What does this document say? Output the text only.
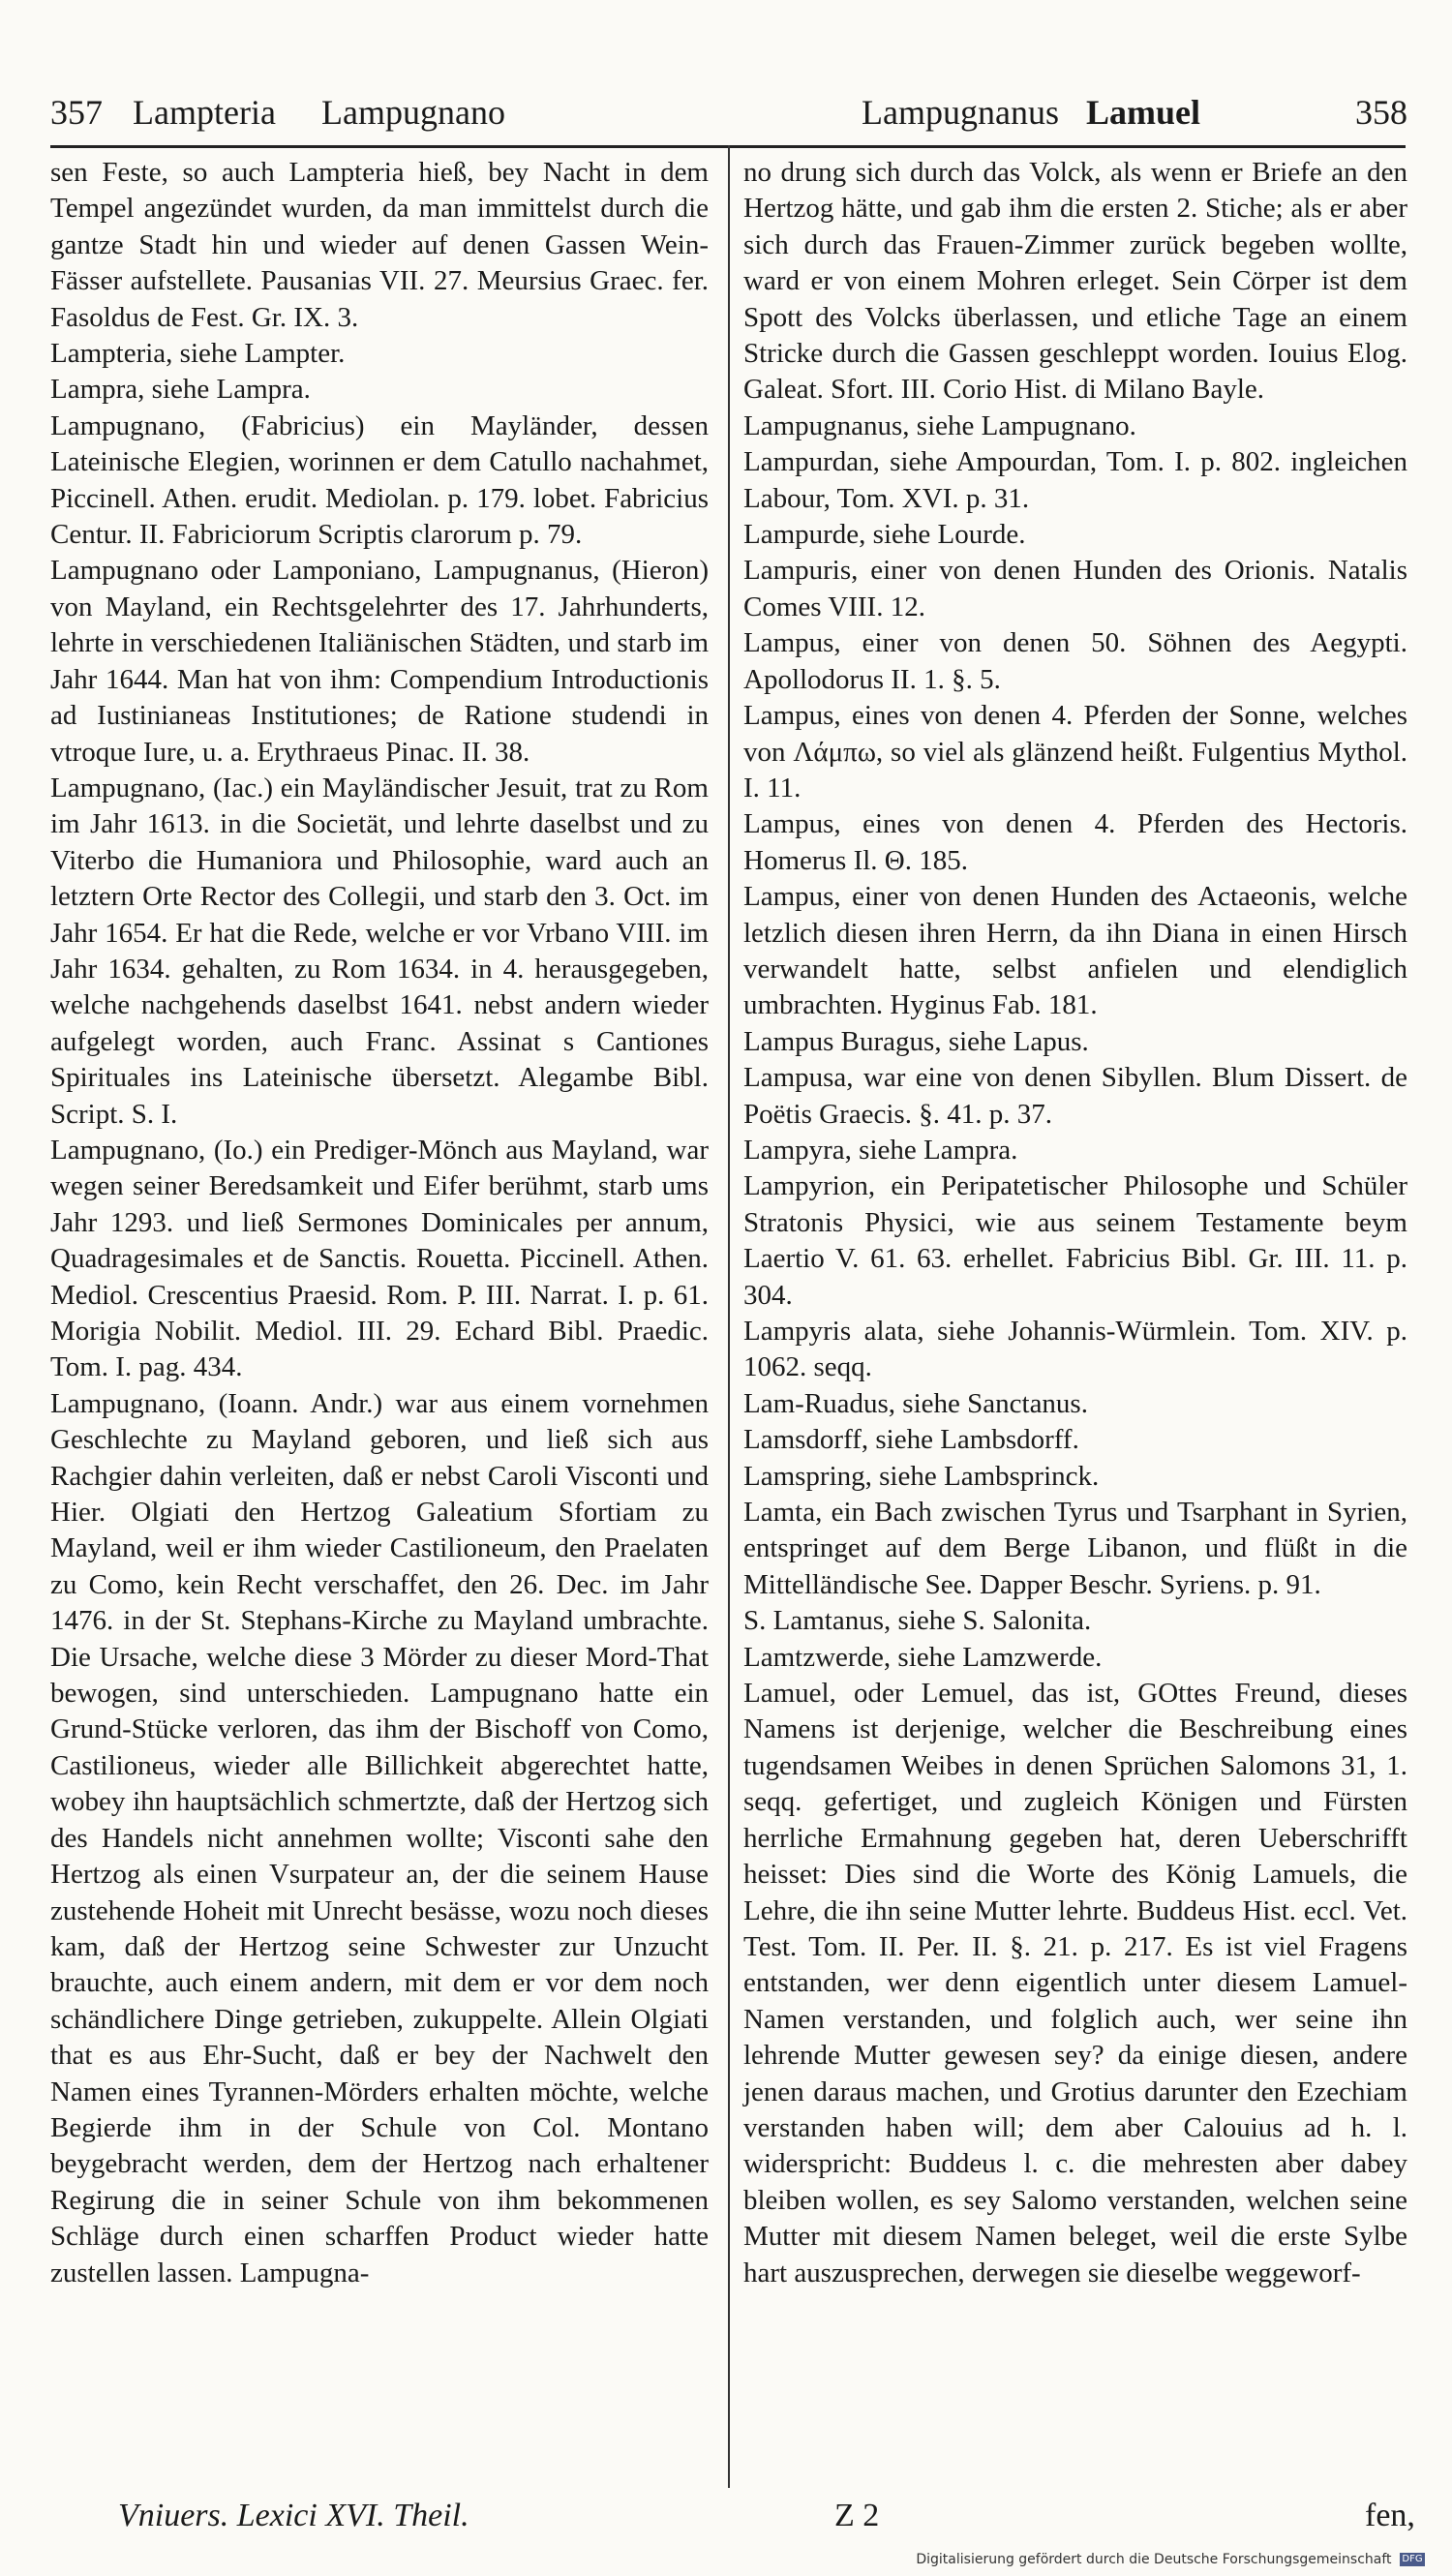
357 Lampteria Lampugnano	Lampugnanus Lamuel	358

sen Feste, so auch Lampteria hieß, bey Nacht in dem Tempel angezündet wurden, da man immittelst durch die gantze Stadt hin und wieder auf denen Gassen Wein-Fässer aufstellete. Pausanias VII. 27. Meursius Graec. fer. Fasoldus de Fest. Gr. IX. 3.

Lampteria, siehe Lampter.

Lampra, siehe Lampra.

Lampugnano, (Fabricius) ein Mayländer, dessen Lateinische Elegien, worinnen er dem Catullo nachahmet, Piccinell. Athen. erudit. Mediolan. p. 179. lobet. Fabricius Centur. II. Fabriciorum Scriptis clarorum p. 79.

Lampugnano oder Lamponiano, Lampugnanus, (Hieron) von Mayland, ein Rechtsgelehrter des 17. Jahrhunderts, lehrte in verschiedenen Italiänischen Städten, und starb im Jahr 1644. Man hat von ihm: Compendium Introductionis ad Iustinianeas Institutiones; de Ratione studendi in vtroque Iure, u. a. Erythraeus Pinac. II. 38.

Lampugnano, (Iac.) ein Mayländischer Jesuit, trat zu Rom im Jahr 1613. in die Societät, und lehrte daselbst und zu Viterbo die Humaniora und Philosophie, ward auch an letztern Orte Rector des Collegii, und starb den 3. Oct. im Jahr 1654. Er hat die Rede, welche er vor Vrbano VIII. im Jahr 1634. gehalten, zu Rom 1634. in 4. herausgegeben, welche nachgehends daselbst 1641. nebst andern wieder aufgelegt worden, auch Franc. Assinat s Cantiones Spirituales ins Lateinische übersetzt. Alegambe Bibl. Script. S. I.

Lampugnano, (Io.) ein Prediger-Mönch aus Mayland, war wegen seiner Beredsamkeit und Eifer berühmt, starb ums Jahr 1293. und ließ Sermones Dominicales per annum, Quadragesimales et de Sanctis. Rouetta. Piccinell. Athen. Mediol. Crescentius Praesid. Rom. P. III. Narrat. I. p. 61. Morigia Nobilit. Mediol. III. 29. Echard Bibl. Praedic. Tom. I. pag. 434.

Lampugnano, (Ioann. Andr.) war aus einem vornehmen Geschlechte zu Mayland geboren, und ließ sich aus Rachgier dahin verleiten, daß er nebst Caroli Visconti und Hier. Olgiati den Hertzog Galeatium Sfortiam zu Mayland, weil er ihm wieder Castilioneum, den Praelaten zu Como, kein Recht verschaffet, den 26. Dec. im Jahr 1476. in der St. Stephans-Kirche zu Mayland umbrachte. Die Ursache, welche diese 3 Mörder zu dieser Mord-That bewogen, sind unterschieden. Lampugnano hatte ein Grund-Stücke verloren, das ihm der Bischoff von Como, Castilioneus, wieder alle Billichkeit abgerechtet hatte, wobey ihn hauptsächlich schmertzte, daß der Hertzog sich des Handels nicht annehmen wollte; Visconti sahe den Hertzog als einen Vsurpateur an, der die seinem Hause zustehende Hoheit mit Unrecht besässe, wozu noch dieses kam, daß der Hertzog seine Schwester zur Unzucht brauchte, auch einem andern, mit dem er vor dem noch schändlichere Dinge getrieben, zukuppelte. Allein Olgiati that es aus Ehr-Sucht, daß er bey der Nachwelt den Namen eines Tyrannen-Mörders erhalten möchte, welche Begierde ihm in der Schule von Col. Montano beygebracht werden, dem der Hertzog nach erhaltener Regirung die in seiner Schule von ihm bekommenen Schläge durch einen scharffen Product wieder hatte zustellen lassen. Lampugna-

no drung sich durch das Volck, als wenn er Briefe an den Hertzog hätte, und gab ihm die ersten 2. Stiche; als er aber sich durch das Frauen-Zimmer zurück begeben wollte, ward er von einem Mohren erleget. Sein Cörper ist dem Spott des Volcks überlassen, und etliche Tage an einem Stricke durch die Gassen geschleppt worden. Iouius Elog. Galeat. Sfort. III. Corio Hist. di Milano Bayle.

Lampugnanus, siehe Lampugnano.

Lampurdan, siehe Ampourdan, Tom. I. p. 802. ingleichen Labour, Tom. XVI. p. 31.

Lampurde, siehe Lourde.

Lampuris, einer von denen Hunden des Orionis. Natalis Comes VIII. 12.

Lampus, einer von denen 50. Söhnen des Aegypti. Apollodorus II. 1. §. 5.

Lampus, eines von denen 4. Pferden der Sonne, welches von Λάμπω, so viel als glänzend heißt. Fulgentius Mythol. I. 11.

Lampus, eines von denen 4. Pferden des Hectoris. Homerus Il. Θ. 185.

Lampus, einer von denen Hunden des Actaeonis, welche letzlich diesen ihren Herrn, da ihn Diana in einen Hirsch verwandelt hatte, selbst anfielen und elendiglich umbrachten. Hyginus Fab. 181.

Lampus Buragus, siehe Lapus.

Lampusa, war eine von denen Sibyllen. Blum Dissert. de Poëtis Graecis. §. 41. p. 37.

Lampyra, siehe Lampra.

Lampyrion, ein Peripatetischer Philosophe und Schüler Stratonis Physici, wie aus seinem Testamente beym Laertio V. 61. 63. erhellet. Fabricius Bibl. Gr. III. 11. p. 304.

Lampyris alata, siehe Johannis-Würmlein. Tom. XIV. p. 1062. seqq.

Lam-Ruadus, siehe Sanctanus.

Lamsdorff, siehe Lambsdorff.

Lamspring, siehe Lambsprinck.

Lamta, ein Bach zwischen Tyrus und Tsarphant in Syrien, entspringet auf dem Berge Libanon, und flüßt in die Mittelländische See. Dapper Beschr. Syriens. p. 91.

S. Lamtanus, siehe S. Salonita.

Lamtzwerde, siehe Lamzwerde.

Lamuel, oder Lemuel, das ist, GOttes Freund, dieses Namens ist derjenige, welcher die Beschreibung eines tugendsamen Weibes in denen Sprüchen Salomons 31, 1. seqq. gefertiget, und zugleich Königen und Fürsten herrliche Ermahnung gegeben hat, deren Ueberschrifft heisset: Dies sind die Worte des König Lamuels, die Lehre, die ihn seine Mutter lehrte. Buddeus Hist. eccl. Vet. Test. Tom. II. Per. II. §. 21. p. 217. Es ist viel Fragens entstanden, wer denn eigentlich unter diesem Lamuel-Namen verstanden, und folglich auch, wer seine ihn lehrende Mutter gewesen sey? da einige diesen, andere jenen daraus machen, und Grotius darunter den Ezechiam verstanden haben will; dem aber Calouius ad h. l. widerspricht: Buddeus l. c. die mehresten aber dabey bleiben wollen, es sey Salomo verstanden, welchen seine Mutter mit diesem Namen beleget, weil die erste Sylbe hart auszusprechen, derwegen sie dieselbe weggeworf-

Vniuers. Lexici XVI. Theil.	Z 2	fen,
Digitalisierung gefördert durch die Deutsche Forschungsgemeinschaft DFG
